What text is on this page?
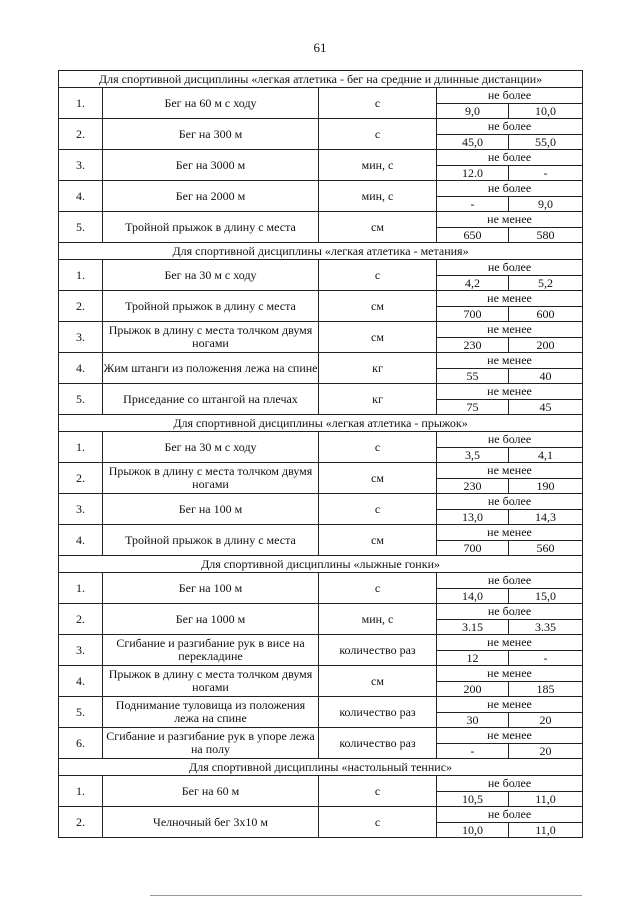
61
Для спортивной дисциплины «легкая атлетика - бег на средние и длинные дистанции»				
1.	Бег на 60 м с ходу	с	не более	
			9,0	10,0
2.	Бег на 300 м	с	не более	
			45,0	55,0
3.	Бег на 3000 м	мин, с	не более	
			12.0	-
4.	Бег на 2000 м	мин, с	не более	
			-	9,0
5.	Тройной прыжок в длину с места	см	не менее	
			650	580
Для спортивной дисциплины «легкая атлетика - метания»				
1.	Бег на 30 м с ходу	с	не более	
			4,2	5,2
2.	Тройной прыжок в длину с места	см	не менее	
			700	600
3.	Прыжок в длину с места толчком двумя ногами	см	не менее	
			230	200
4.	Жим штанги из положения лежа на спине	кг	не менее	
			55	40
5.	Приседание со штангой на плечах	кг	не менее	
			75	45
Для спортивной дисциплины «легкая атлетика - прыжок»				
1.	Бег на 30 м с ходу	с	не более	
			3,5	4,1
2.	Прыжок в длину с места толчком двумя ногами	см	не менее	
			230	190
3.	Бег на 100 м	с	не более	
			13,0	14,3
4.	Тройной прыжок в длину с места	см	не менее	
			700	560
Для спортивной дисциплины «лыжные гонки»				
1.	Бег на 100 м	с	не более	
			14,0	15,0
2.	Бег на 1000 м	мин, с	не более	
			3.15	3.35
3.	Сгибание и разгибание рук в висе на перекладине	количество раз	не менее	
			12	-
4.	Прыжок в длину с места толчком двумя ногами	см	не менее	
			200	185
5.	Поднимание туловища из положения лежа на спине	количество раз	не менее	
			30	20
6.	Сгибание и разгибание рук в упоре лежа на полу	количество раз	не менее	
			-	20
Для спортивной дисциплины «настольный теннис»				
1.	Бег на 60 м	с	не более	
			10,5	11,0
2.	Челночный бег 3х10 м	с	не более	
			10,0	11,0
